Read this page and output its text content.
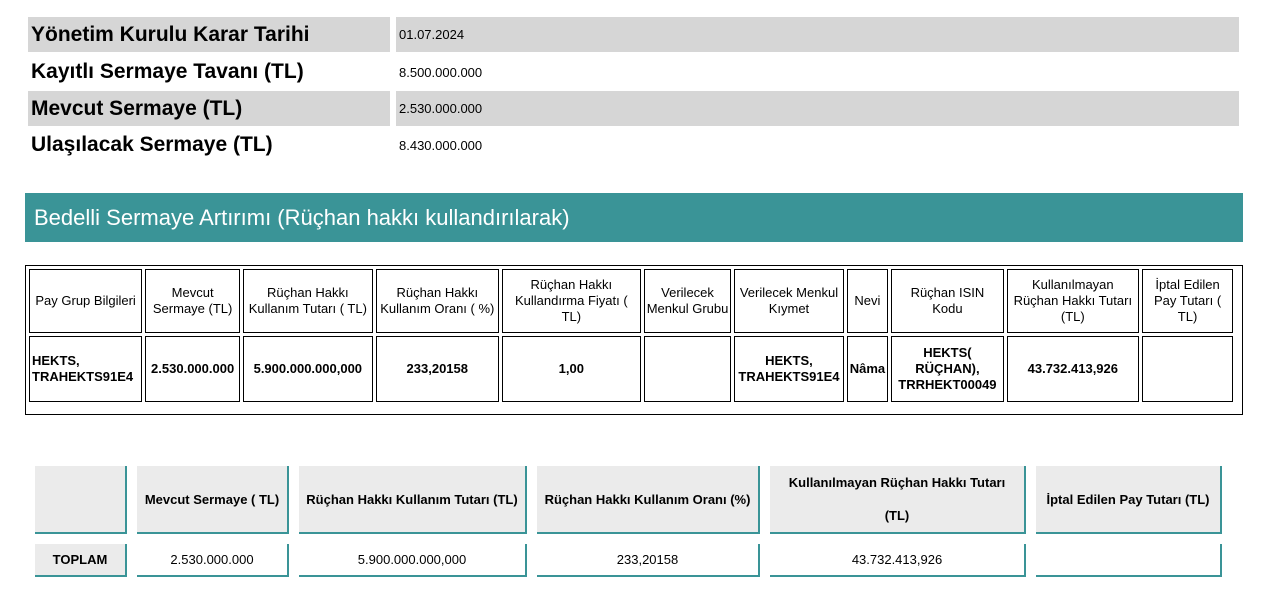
Yönetim Kurulu Karar Tarihi	01.07.2024
Kayıtlı Sermaye Tavanı (TL)	8.500.000.000
Mevcut Sermaye (TL)	2.530.000.000
Ulaşılacak Sermaye (TL)	8.430.000.000
Bedelli Sermaye Artırımı (Rüçhan hakkı kullandırılarak)
Pay Grup Bilgileri	Mevcut Sermaye (TL)	Rüçhan Hakkı Kullanım Tutarı ( TL)	Rüçhan Hakkı Kullanım Oranı ( %)	Rüçhan Hakkı Kullandırma Fiyatı ( TL)	Verilecek Menkul Grubu	Verilecek Menkul Kıymet	Nevi	Rüçhan ISIN Kodu	Kullanılmayan Rüçhan Hakkı Tutarı (TL)	İptal Edilen Pay Tutarı ( TL)
HEKTS, TRAHEKTS91E4	2.530.000.000	5.900.000.000,000	233,20158	1,00		HEKTS, TRAHEKTS91E4	Nâma	HEKTS( RÜÇHAN), TRRHEKT00049	43.732.413,926	
	Mevcut Sermaye ( TL)	Rüçhan Hakkı Kullanım Tutarı (TL)	Rüçhan Hakkı Kullanım Oranı (%)	Kullanılmayan Rüçhan Hakkı Tutarı (TL)	İptal Edilen Pay Tutarı (TL)

TOPLAM	2.530.000.000	5.900.000.000,000	233,20158	43.732.413,926	
